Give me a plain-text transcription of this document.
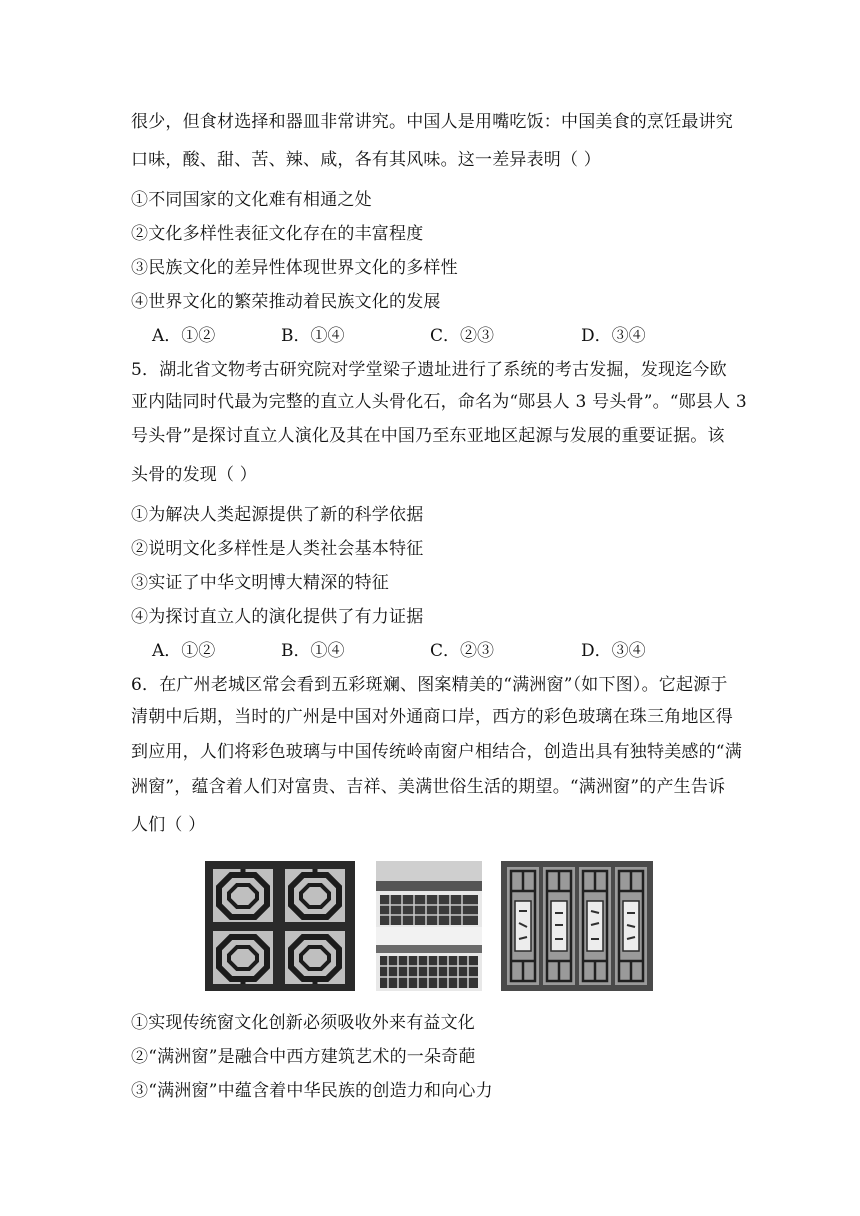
很少，但食材选择和器皿非常讲究。中国人是用嘴吃饭：中国美食的烹饪最讲究
口味，酸、甜、苦、辣、咸，各有其风味。这一差异表明（ ）
①不同国家的文化难有相通之处
②文化多样性表征文化存在的丰富程度
③民族文化的差异性体现世界文化的多样性
④世界文化的繁荣推动着民族文化的发展
A．①②	B．①④	C．②③	D．③④
5．湖北省文物考古研究院对学堂梁子遗址进行了系统的考古发掘，发现迄今欧
亚内陆同时代最为完整的直立人头骨化石，命名为“郧县人 3 号头骨”。“郧县人 3
号头骨”是探讨直立人演化及其在中国乃至东亚地区起源与发展的重要证据。该
头骨的发现（ ）
①为解决人类起源提供了新的科学依据
②说明文化多样性是人类社会基本特征
③实证了中华文明博大精深的特征
④为探讨直立人的演化提供了有力证据
A．①②	B．①④	C．②③	D．③④
6．在广州老城区常会看到五彩斑斓、图案精美的“满洲窗”（如下图）。它起源于
清朝中后期，当时的广州是中国对外通商口岸，西方的彩色玻璃在珠三角地区得
到应用，人们将彩色玻璃与中国传统岭南窗户相结合，创造出具有独特美感的“满
洲窗”，蕴含着人们对富贵、吉祥、美满世俗生活的期望。“满洲窗”的产生告诉
人们（ ）
①实现传统窗文化创新必须吸收外来有益文化
②“满洲窗”是融合中西方建筑艺术的一朵奇葩
③“满洲窗”中蕴含着中华民族的创造力和向心力
